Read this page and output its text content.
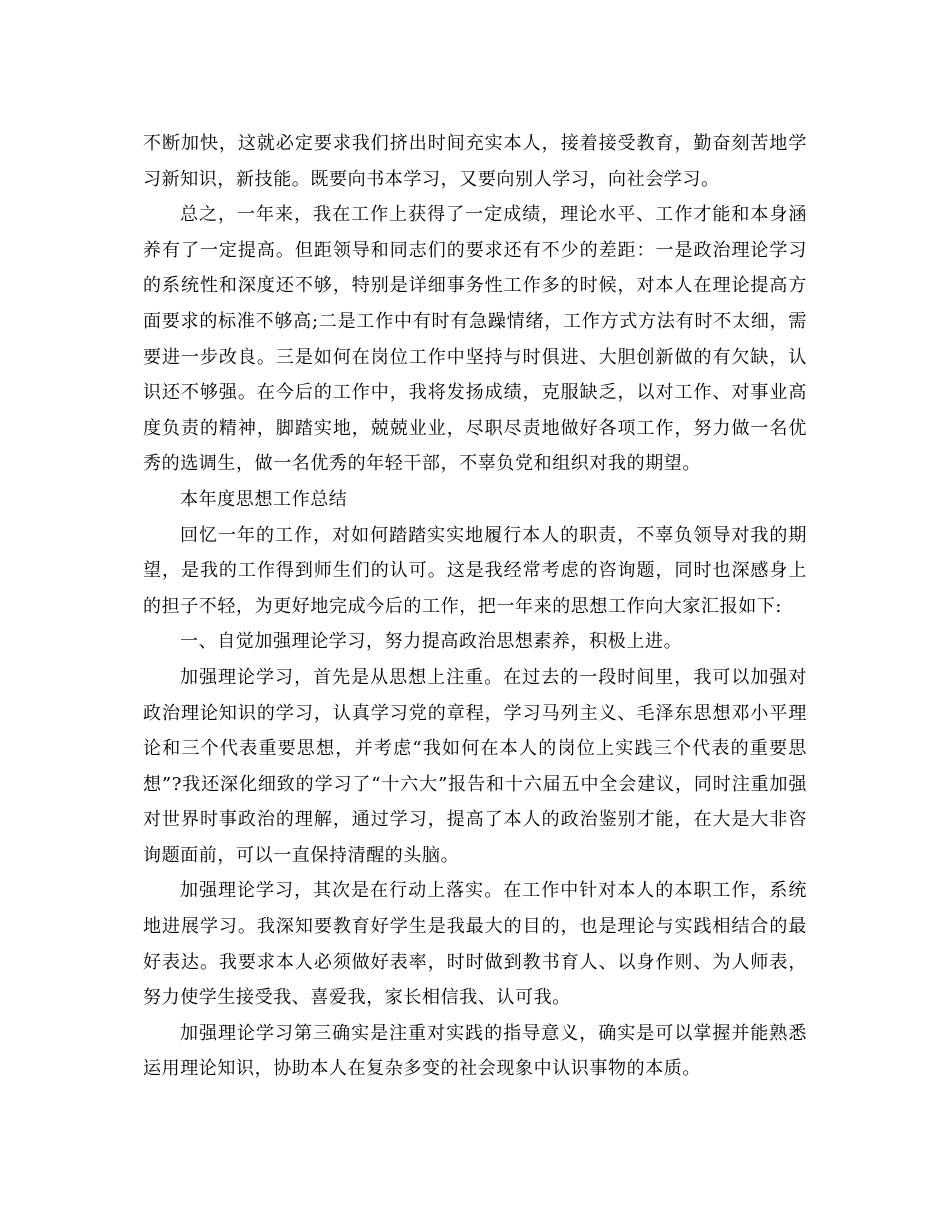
不断加快，这就必定要求我们挤出时间充实本人，接着接受教育，勤奋刻苦地学习新知识，新技能。既要向书本学习，又要向别人学习，向社会学习。

总之，一年来，我在工作上获得了一定成绩，理论水平、工作才能和本身涵养有了一定提高。但距领导和同志们的要求还有不少的差距：一是政治理论学习的系统性和深度还不够，特别是详细事务性工作多的时候，对本人在理论提高方面要求的标准不够高;二是工作中有时有急躁情绪，工作方式方法有时不太细，需要进一步改良。三是如何在岗位工作中坚持与时俱进、大胆创新做的有欠缺，认识还不够强。在今后的工作中，我将发扬成绩，克服缺乏，以对工作、对事业高度负责的精神，脚踏实地，兢兢业业，尽职尽责地做好各项工作，努力做一名优秀的选调生，做一名优秀的年轻干部，不辜负党和组织对我的期望。

本年度思想工作总结

回忆一年的工作，对如何踏踏实实地履行本人的职责，不辜负领导对我的期望，是我的工作得到师生们的认可。这是我经常考虑的咨询题，同时也深感身上的担子不轻，为更好地完成今后的工作，把一年来的思想工作向大家汇报如下:

一、自觉加强理论学习，努力提高政治思想素养，积极上进。

加强理论学习，首先是从思想上注重。在过去的一段时间里，我可以加强对政治理论知识的学习，认真学习党的章程，学习马列主义、毛泽东思想邓小平理论和三个代表重要思想，并考虑“我如何在本人的岗位上实践三个代表的重要思想”?我还深化细致的学习了“十六大”报告和十六届五中全会建议，同时注重加强对世界时事政治的理解，通过学习，提高了本人的政治鉴别才能，在大是大非咨询题面前，可以一直保持清醒的头脑。

加强理论学习，其次是在行动上落实。在工作中针对本人的本职工作，系统地进展学习。我深知要教育好学生是我最大的目的，也是理论与实践相结合的最好表达。我要求本人必须做好表率，时时做到教书育人、以身作则、为人师表，努力使学生接受我、喜爱我，家长相信我、认可我。

加强理论学习第三确实是注重对实践的指导意义，确实是可以掌握并能熟悉运用理论知识，协助本人在复杂多变的社会现象中认识事物的本质。
